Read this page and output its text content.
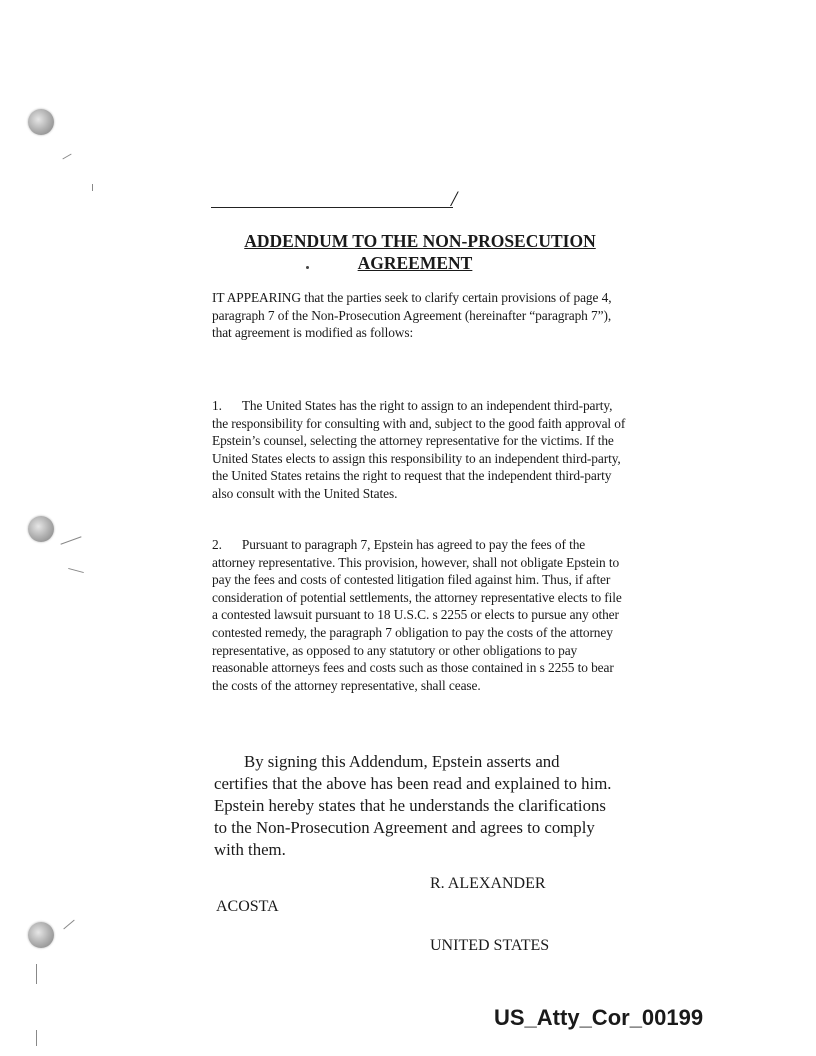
/
ADDENDUM TO THE NON-PROSECUTION
AGREEMENT
IT APPEARING that the parties seek to clarify certain provisions of page 4, paragraph 7 of the Non-Prosecution Agreement (hereinafter “paragraph 7”), that agreement is modified as follows:
1. The United States has the right to assign to an independent third-party, the responsibility for consulting with and, subject to the good faith approval of Epstein’s counsel, selecting the attorney representative for the victims. If the United States elects to assign this responsibility to an independent third-party, the United States retains the right to request that the independent third-party also consult with the United States.
2. Pursuant to paragraph 7, Epstein has agreed to pay the fees of the attorney representative. This provision, however, shall not obligate Epstein to pay the fees and costs of contested litigation filed against him. Thus, if after consideration of potential settlements, the attorney representative elects to file a contested lawsuit pursuant to 18 U.S.C. s 2255 or elects to pursue any other contested remedy, the paragraph 7 obligation to pay the costs of the attorney representative, as opposed to any statutory or other obligations to pay reasonable attorneys fees and costs such as those contained in s 2255 to bear the costs of the attorney representative, shall cease.
By signing this Addendum, Epstein asserts and certifies that the above has been read and explained to him. Epstein hereby states that he understands the clarifications to the Non-Prosecution Agreement and agrees to comply with them.
R. ALEXANDER
ACOSTA
UNITED STATES
US_Atty_Cor_00199
